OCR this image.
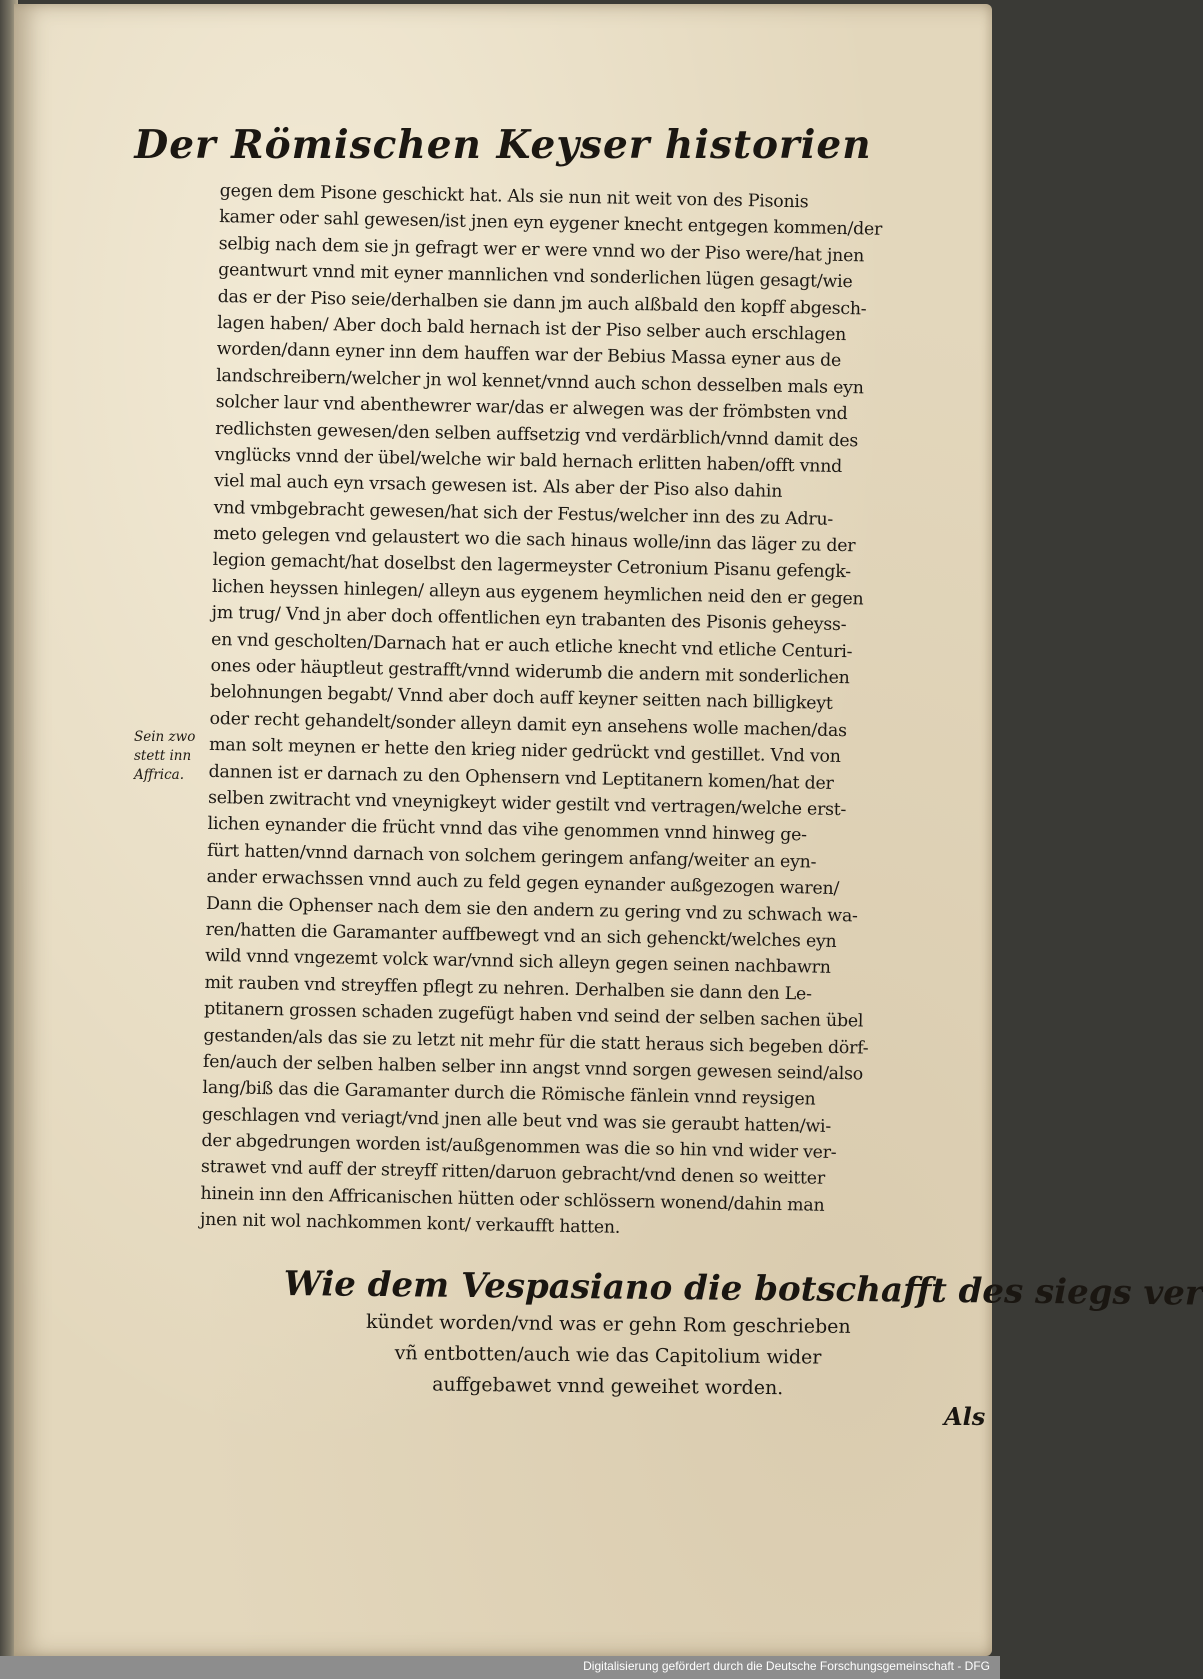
Der Römischen Keyser historien
Sein zwo
stett inn
Affrica.
gegen dem Pisone geschickt hat. Als sie nun nit weit von des Pisonis
kamer oder sahl gewesen/ist jnen eyn eygener knecht entgegen kommen/der
selbig nach dem sie jn gefragt wer er were vnnd wo der Piso were/hat jnen
geantwurt vnnd mit eyner mannlichen vnd sonderlichen lügen gesagt/wie
das er der Piso seie/derhalben sie dann jm auch alßbald den kopff abgesch-
lagen haben/ Aber doch bald hernach ist der Piso selber auch erschlagen
worden/dann eyner inn dem hauffen war der Bebius Massa eyner aus de
landschreibern/welcher jn wol kennet/vnnd auch schon desselben mals eyn
solcher laur vnd abenthewrer war/das er alwegen was der frömbsten vnd
redlichsten gewesen/den selben auffsetzig vnd verdärblich/vnnd damit des
vnglücks vnnd der übel/welche wir bald hernach erlitten haben/offt vnnd
viel mal auch eyn vrsach gewesen ist. Als aber der Piso also dahin
vnd vmbgebracht gewesen/hat sich der Festus/welcher inn des zu Adru-
meto gelegen vnd gelaustert wo die sach hinaus wolle/inn das läger zu der
legion gemacht/hat doselbst den lagermeyster Cetronium Pisanu gefengk-
lichen heyssen hinlegen/ alleyn aus eygenem heymlichen neid den er gegen
jm trug/ Vnd jn aber doch offentlichen eyn trabanten des Pisonis geheyss-
en vnd gescholten/Darnach hat er auch etliche knecht vnd etliche Centuri-
ones oder häuptleut gestrafft/vnnd widerumb die andern mit sonderlichen
belohnungen begabt/ Vnnd aber doch auff keyner seitten nach billigkeyt
oder recht gehandelt/sonder alleyn damit eyn ansehens wolle machen/das
man solt meynen er hette den krieg nider gedrückt vnd gestillet. Vnd von
dannen ist er darnach zu den Ophensern vnd Leptitanern komen/hat der
selben zwitracht vnd vneynigkeyt wider gestilt vnd vertragen/welche erst-
lichen eynander die frücht vnnd das vihe genommen vnnd hinweg ge-
fürt hatten/vnnd darnach von solchem geringem anfang/weiter an eyn-
ander erwachssen vnnd auch zu feld gegen eynander außgezogen waren/
Dann die Ophenser nach dem sie den andern zu gering vnd zu schwach wa-
ren/hatten die Garamanter auffbewegt vnd an sich gehenckt/welches eyn
wild vnnd vngezemt volck war/vnnd sich alleyn gegen seinen nachbawrn
mit rauben vnd streyffen pflegt zu nehren. Derhalben sie dann den Le-
ptitanern grossen schaden zugefügt haben vnd seind der selben sachen übel
gestanden/als das sie zu letzt nit mehr für die statt heraus sich begeben dörf-
fen/auch der selben halben selber inn angst vnnd sorgen gewesen seind/also
lang/biß das die Garamanter durch die Römische fänlein vnnd reysigen
geschlagen vnd veriagt/vnd jnen alle beut vnd was sie geraubt hatten/wi-
der abgedrungen worden ist/außgenommen was die so hin vnd wider ver-
strawet vnd auff der streyff ritten/daruon gebracht/vnd denen so weitter
hinein inn den Affricanischen hütten oder schlössern wonend/dahin man
jnen nit wol nachkommen kont/ verkaufft hatten.
Wie dem Vespasiano die botschafft des siegs ver
kündet worden/vnd was er gehn Rom geschrieben
vñ entbotten/auch wie das Capitolium wider
auffgebawet vnnd geweihet worden.
Als
Digitalisierung gefördert durch die Deutsche Forschungsgemeinschaft - DFG
